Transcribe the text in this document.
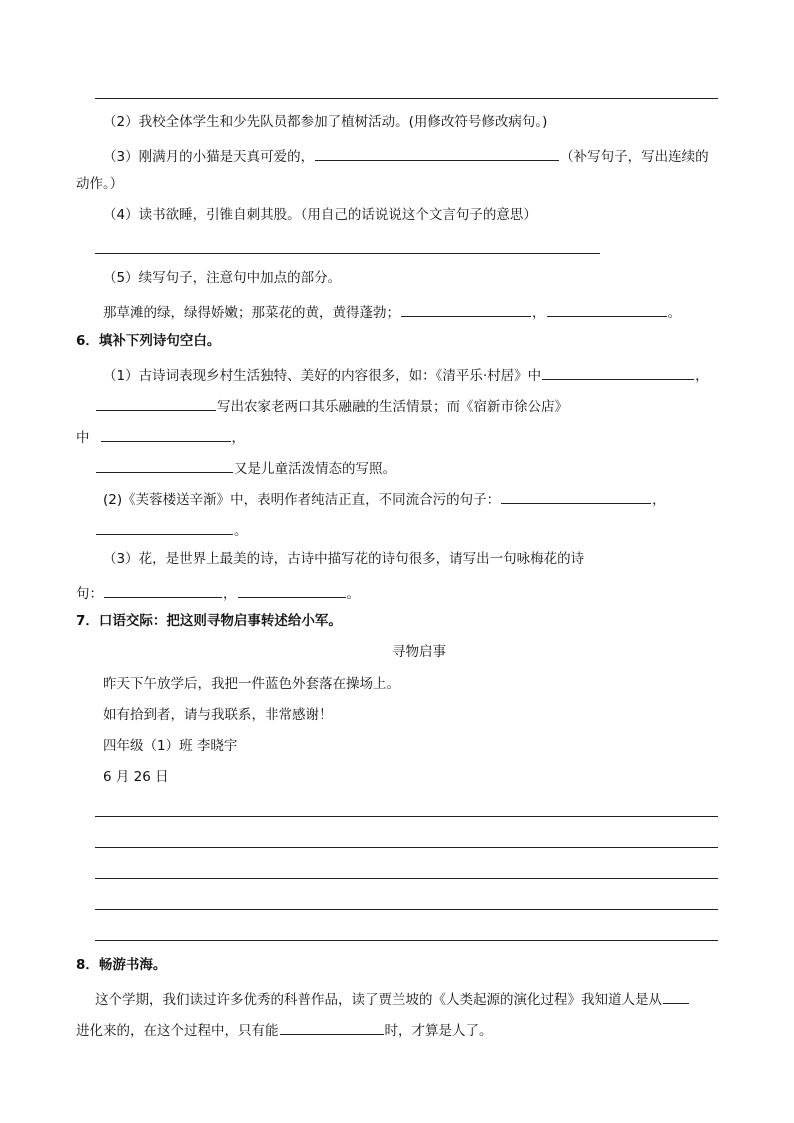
（2）我校全体学生和少先队员都参加了植树活动。(用修改符号修改病句。)
（3）刚满月的小猫是天真可爱的，	（补写句子，写出连续的
动作。）
（4）读书欲睡，引锥自刺其股。（用自己的话说说这个文言句子的意思）
（5）续写句子，注意句中加点的部分。
那草滩的绿，绿得娇嫩；那菜花的黄，黄得蓬勃；	，	。
6．填补下列诗句空白。
（1）古诗词表现乡村生活独特、美好的内容很多，如：《清平乐·村居》中	，
写出农家老两口其乐融融的生活情景；而《宿新市徐公店》
中	，
又是儿童活泼情态的写照。
(2)《芙蓉楼送辛渐》中，表明作者纯洁正直，不同流合污的句子：	，
。
（3）花，是世界上最美的诗，古诗中描写花的诗句很多，请写出一句咏梅花的诗
句：	，	。
7．口语交际：把这则寻物启事转述给小军。
寻物启事
昨天下午放学后，我把一件蓝色外套落在操场上。
如有拾到者，请与我联系，非常感谢！
四年级（1）班 李晓宇
6 月 26 日
8．畅游书海。
这个学期，我们读过许多优秀的科普作品，读了贾兰坡的《人类起源的演化过程》我知道人是从
进化来的，在这个过程中，只有能	时，才算是人了。
